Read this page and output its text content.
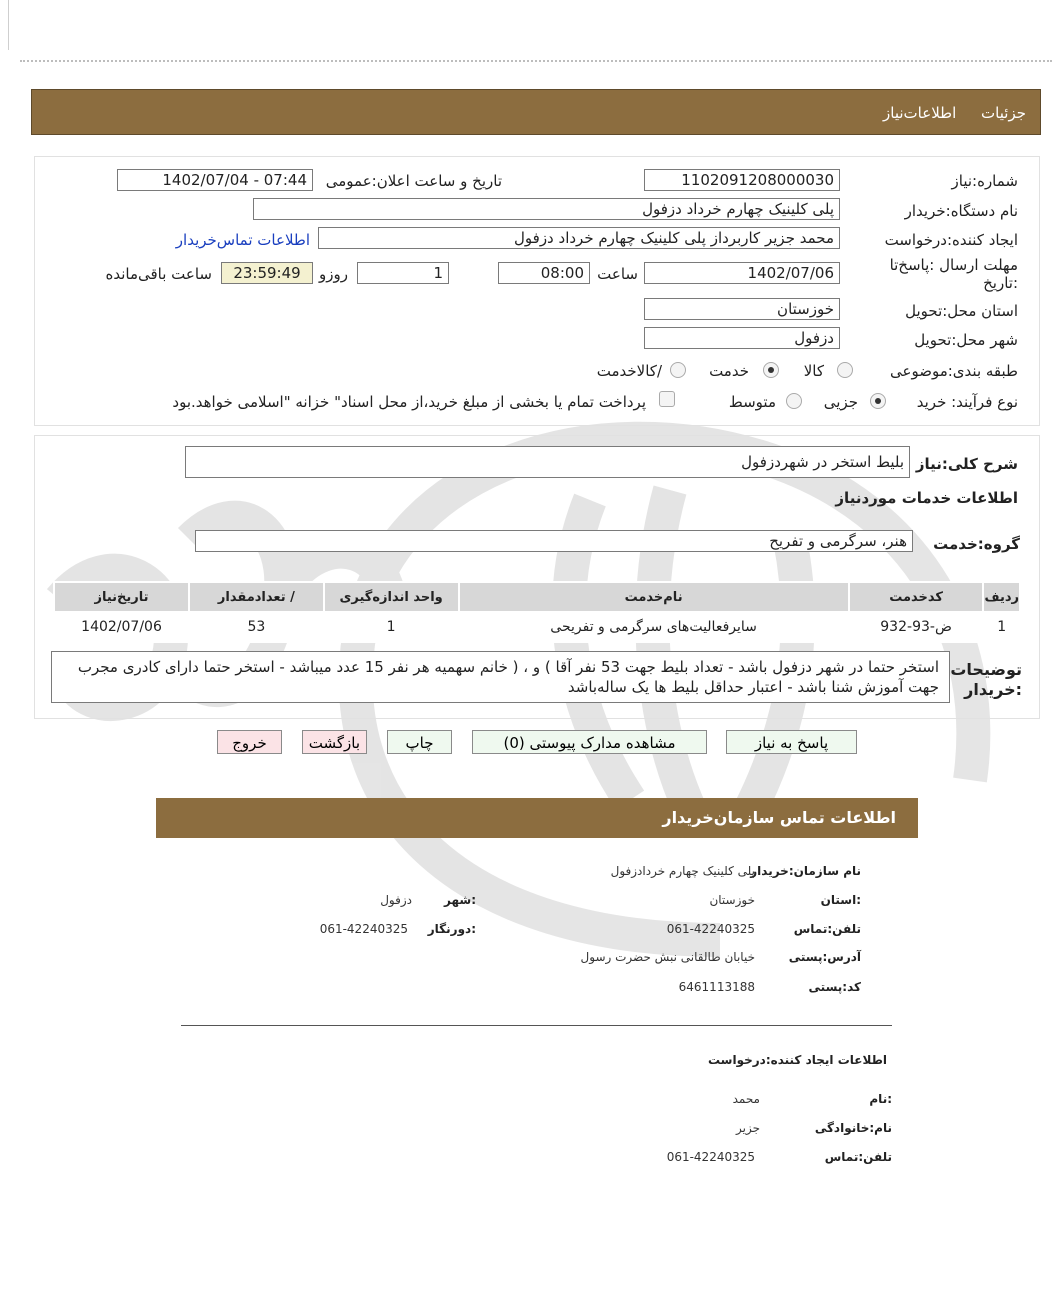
جزئیات اطلاعات‌نیاز
شماره:نیاز
1102091208000030
تاریخ و ساعت اعلان:عمومی
1402/07/04 - 07:44
نام دستگاه:خریدار
پلی کلینیک چهارم خرداد دزفول
ایجاد کننده:درخواست
محمد جزیر کاربرداز پلی کلینیک چهارم خرداد دزفول
اطلاعات تماس‌خریدار
مهلت ارسال :پاسخ‌تا
:تاریخ
1402/07/06
ساعت
08:00
1
روزو
23:59:49
ساعت باقی‌مانده
استان محل:تحویل
خوزستان
شهر محل:تحویل
دزفول
طبقه بندی:موضوعی
کالا
خدمت
/کالاخدمت
نوع فرآیند: خرید
جزیی
متوسط
پرداخت تمام یا بخشی از مبلغ خرید،از محل اسناد" خزانه "اسلامی خواهد.بود
شرح کلی:نیاز
بلیط استخر در شهردزفول
اطلاعات خدمات موردنیاز
گروه:خدمت
هنر، سرگرمی و تفریح
ردیف	کدخدمت	نام‌خدمت	واحد اندازه‌گیری	/ تعدادمقدار	تاریخ‌نیاز
1	ض-93-932	سایرفعالیت‌های سرگرمی و تفریحی	1	53	1402/07/06
توضیحات
:خریدار
استخر حتما در شهر دزفول باشد - تعداد بلیط جهت 53 نفر آقا ) و ، ( خانم سهمیه هر نفر 15 عدد میباشد - استخر حتما دارای کادری مجرب جهت آموزش شنا باشد - اعتبار حداقل بلیط ها یک ساله‌باشد
پاسخ به نیاز
مشاهده مدارک پیوستی (0)
چاپ
بازگشت
خروج
اطلاعات تماس سازمان‌خریدار
نام سازمان:خریدار
پلی کلینیک چهارم خردادزفول
:استان
خوزستان
:شهر
دزفول
تلفن:تماس
061-42240325
:دورنگار
061-42240325
آدرس:پستی
خیابان طالقانی نبش حضرت رسول
کد:پستی
6461113188
اطلاعات ایجاد کننده:درخواست
:نام
محمد
نام:خانوادگی
جزیر
تلفن:تماس
061-42240325
